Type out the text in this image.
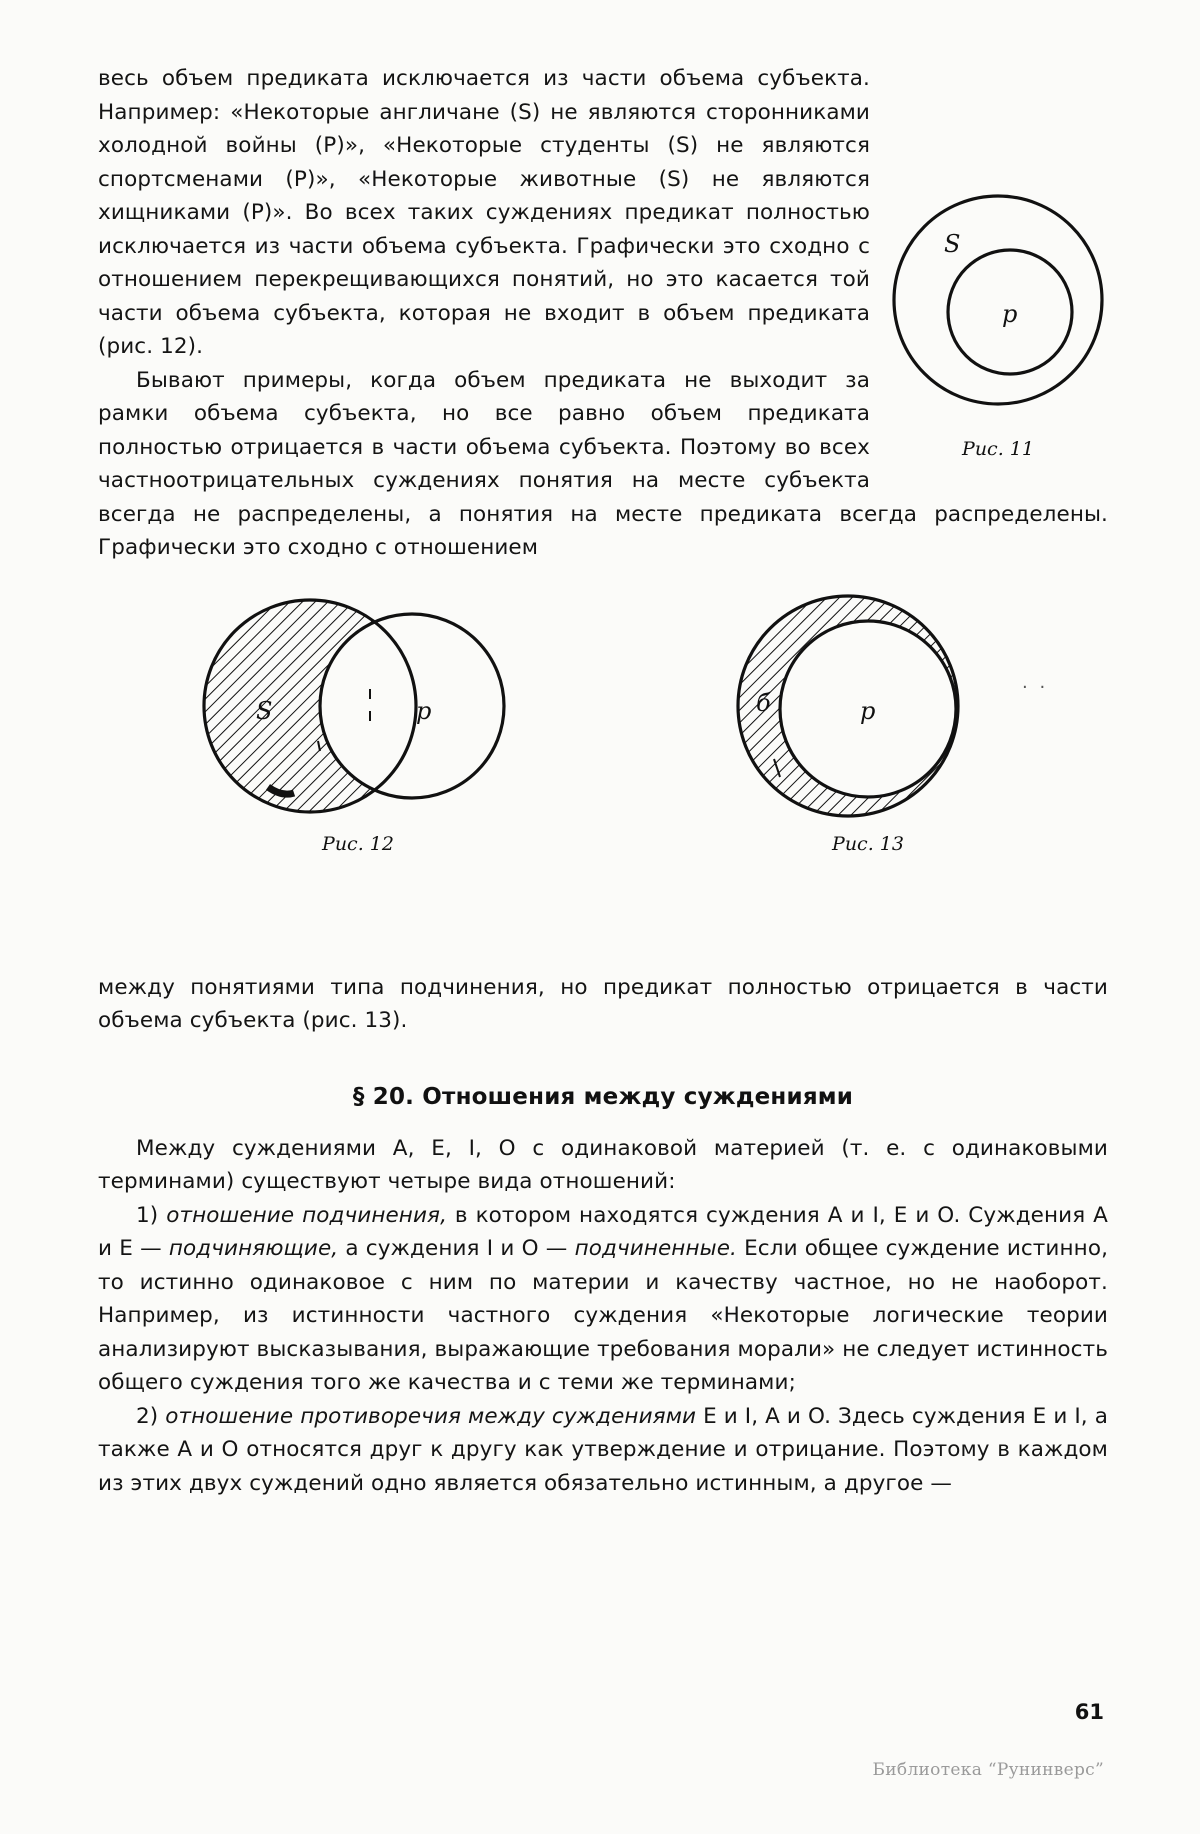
S
p
Рис. 11

весь объем предиката исключается из части объема субъекта. Например: «Некоторые англичане (S) не являются сторонниками холодной войны (P)», «Некоторые студенты (S) не являются спортсменами (P)», «Некоторые животные (S) не являются хищниками (P)». Во всех таких суждениях предикат полностью исключается из части объема субъекта. Графически это сходно с отношением перекрещивающихся понятий, но это касается той части объема субъекта, которая не входит в объем предиката (рис. 12).

Бывают примеры, когда объем предиката не выходит за рамки объема субъекта, но все равно объем предиката полностью отрицается в части объема субъекта. Поэтому во всех частноотрицательных суждениях понятия на месте субъекта всегда не распределены, а понятия на месте предиката всегда распределены. Графически это сходно с отношением

S	p
Рис. 12
б	p
Рис. 13

между понятиями типа подчинения, но предикат полностью отрицается в части объема субъекта (рис. 13).

§ 20. Отношения между суждениями

Между суждениями A, E, I, O с одинаковой материей (т. е. с одинаковыми терминами) существуют четыре вида отношений:

1) отношение подчинения, в котором находятся суждения A и I, E и O. Суждения A и E — подчиняющие, а суждения I и O — подчиненные. Если общее суждение истинно, то истинно одинаковое с ним по материи и качеству частное, но не наоборот. Например, из истинности частного суждения «Некоторые логические теории анализируют высказывания, выражающие требования морали» не следует истинность общего суждения того же качества и с теми же терминами;

2) отношение противоречия между суждениями E и I, A и O. Здесь суждения E и I, а также A и O относятся друг к другу как утверждение и отрицание. Поэтому в каждом из этих двух суждений одно является обязательно истинным, а другое —

. .
61
Библиотека “Рунинверс”
